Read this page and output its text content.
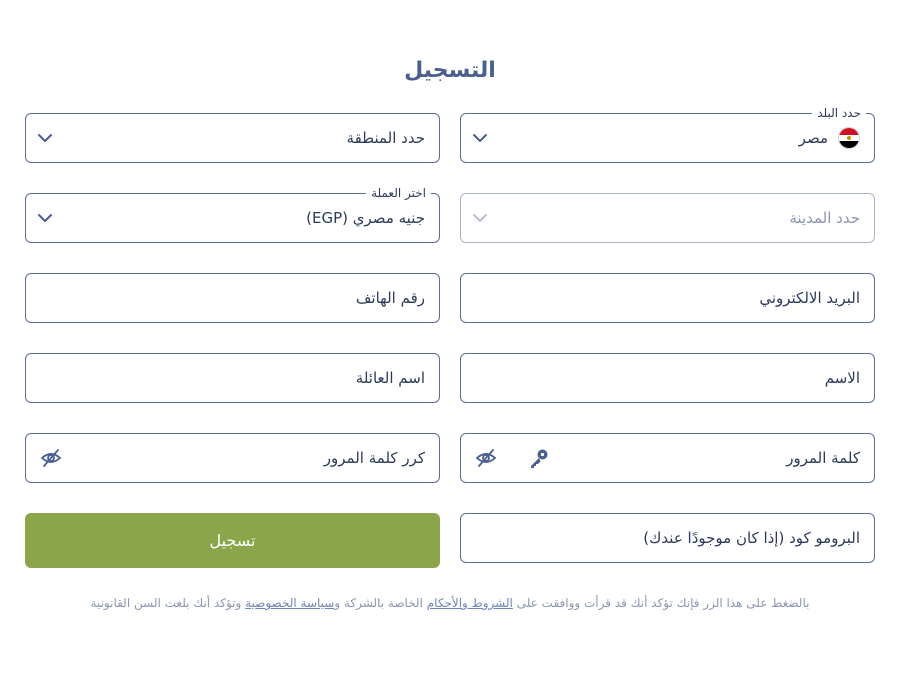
التسجيل
حدد البلد
مصر
حدد المنطقة
حدد المدينة
اختر العملة
جنيه مصري (EGP)
البريد الالكتروني
رقم الهاتف
الاسم
اسم العائلة
كلمة المرور
كرر كلمة المرور
البرومو كود (إذا كان موجودًا عندك)
تسجيل
بالضغط على هذا الزر فإنك تؤكد أنك قد قرأت ووافقت على الشروط والأحكام الخاصة بالشركة وسياسة الخصوصية وتؤكد أنك بلغت السن القانونية
